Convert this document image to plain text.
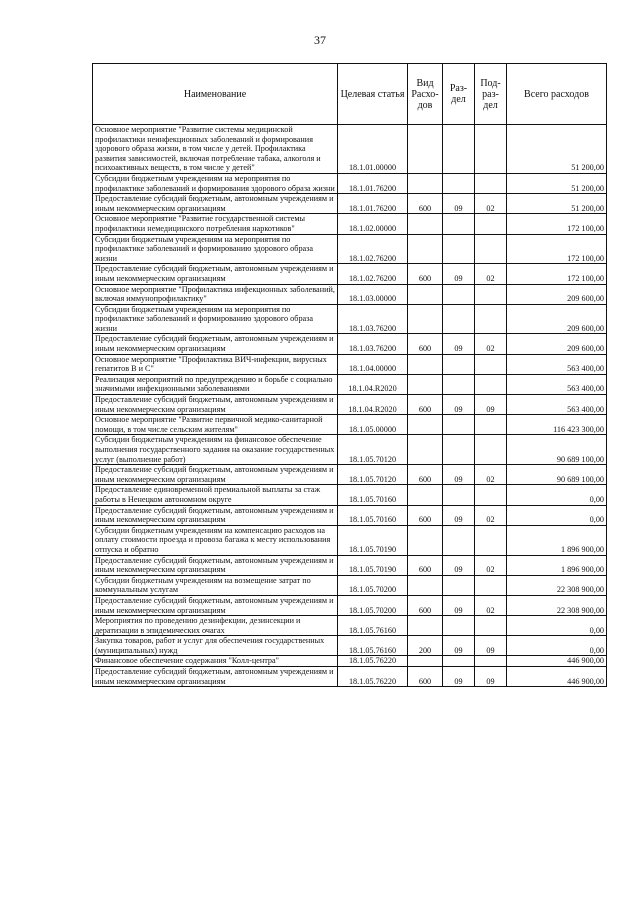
37
Наименование	Целевая статья	Вид Расхо-дов	Раз-дел	Под-раз-дел	Всего расходов
Основное мероприятие "Развитие системы медицинской профилактики неинфекционных заболеваний и формирования здорового образа жизни, в том числе у детей. Профилактика развития зависимостей, включая потребление табака, алкоголя и психоактивных веществ, в том числе у детей"	18.1.01.00000				51 200,00
Субсидии бюджетным учреждениям на мероприятия по профилактике заболеваний и формирования здорового образа жизни	18.1.01.76200				51 200,00
Предоставление субсидий бюджетным, автономным учреждениям и иным некоммерческим организациям	18.1.01.76200	600	09	02	51 200,00
Основное мероприятие "Развитие государственной системы профилактики немедицинского потребления наркотиков"	18.1.02.00000				172 100,00
Субсидии бюджетным учреждениям на мероприятия по профилактике заболеваний и формированию здорового образа жизни	18.1.02.76200				172 100,00
Предоставление субсидий бюджетным, автономным учреждениям и иным некоммерческим организациям	18.1.02.76200	600	09	02	172 100,00
Основное мероприятие "Профилактика инфекционных заболеваний, включая иммунопрофилактику"	18.1.03.00000				209 600,00
Субсидии бюджетным учреждениям на мероприятия по профилактике заболеваний и формированию здорового образа жизни	18.1.03.76200				209 600,00
Предоставление субсидий бюджетным, автономным учреждениям и иным некоммерческим организациям	18.1.03.76200	600	09	02	209 600,00
Основное мероприятие "Профилактика ВИЧ-инфекции, вирусных гепатитов В и С"	18.1.04.00000				563 400,00
Реализация мероприятий по предупреждению и борьбе с социально значимыми инфекционными заболеваниями	18.1.04.R2020				563 400,00
Предоставление субсидий бюджетным, автономным учреждениям и иным некоммерческим организациям	18.1.04.R2020	600	09	09	563 400,00
Основное мероприятие "Развитие первичной медико-санитарной помощи, в том числе сельским жителям"	18.1.05.00000				116 423 300,00
Субсидии бюджетным учреждениям на финансовое обеспечение выполнения государственного задания на оказание государственных услуг (выполнение работ)	18.1.05.70120				90 689 100,00
Предоставление субсидий бюджетным, автономным учреждениям и иным некоммерческим организациям	18.1.05.70120	600	09	02	90 689 100,00
Предоставление единовременной премиальной выплаты за стаж работы в Ненецком автономном округе	18.1.05.70160				0,00
Предоставление субсидий бюджетным, автономным учреждениям и иным некоммерческим организациям	18.1.05.70160	600	09	02	0,00
Субсидии бюджетным учреждениям на компенсацию расходов на оплату стоимости проезда и провоза багажа к месту использования отпуска и обратно	18.1.05.70190				1 896 900,00
Предоставление субсидий бюджетным, автономным учреждениям и иным некоммерческим организациям	18.1.05.70190	600	09	02	1 896 900,00
Субсидии бюджетным учреждениям на возмещение затрат по коммунальным услугам	18.1.05.70200				22 308 900,00
Предоставление субсидий бюджетным, автономным учреждениям и иным некоммерческим организациям	18.1.05.70200	600	09	02	22 308 900,00
Мероприятия по проведению дезинфекции, дезинсекции и дератизации в эпидемических очагах	18.1.05.76160				0,00
Закупка товаров, работ и услуг для обеспечения государственных (муниципальных) нужд	18.1.05.76160	200	09	09	0,00
Финансовое обеспечение содержания "Колл-центра"	18.1.05.76220				446 900,00
Предоставление субсидий бюджетным, автономным учреждениям и иным некоммерческим организациям	18.1.05.76220	600	09	09	446 900,00
